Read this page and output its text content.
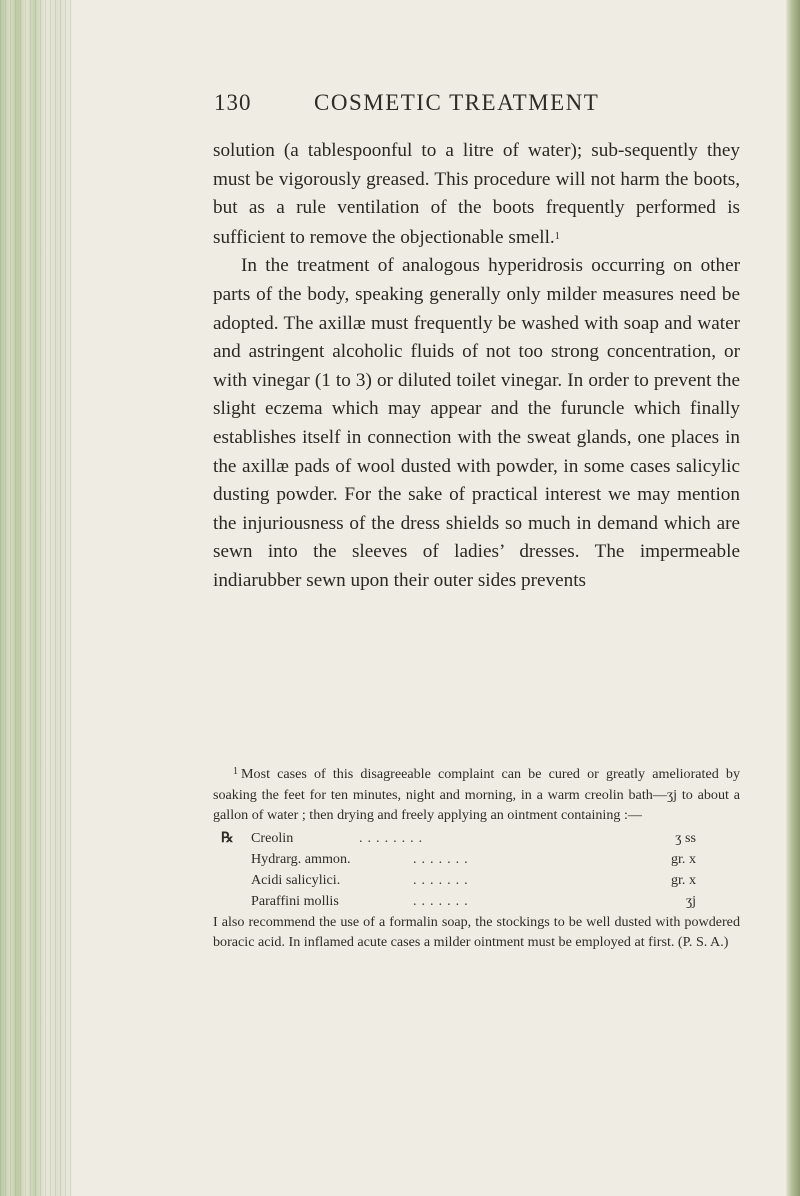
130	COSMETIC TREATMENT

solution (a tablespoonful to a litre of water); sub-sequently they must be vigorously greased. This procedure will not harm the boots, but as a rule ventilation of the boots frequently performed is sufficient to remove the objectionable smell.$^1$

In the treatment of analogous hyperidrosis occurring on other parts of the body, speaking generally only milder measures need be adopted. The axillæ must frequently be washed with soap and water and astringent alcoholic fluids of not too strong concentration, or with vinegar (1 to 3) or diluted toilet vinegar. In order to prevent the slight eczema which may appear and the furuncle which finally establishes itself in connection with the sweat glands, one places in the axillæ pads of wool dusted with powder, in some cases salicylic dusting powder. For the sake of practical interest we may mention the injuriousness of the dress shields so much in demand which are sewn into the sleeves of ladies’ dresses. The impermeable indiarubber sewn upon their outer sides prevents

$^1$ Most cases of this disagreeable complaint can be cured or greatly ameliorated by soaking the feet for ten minutes, night and morning, in a warm creolin bath—ʒj to about a gallon of water ; then drying and freely applying an ointment containing :—

℞ Creolin	........	ʒ ss
Hydrarg. ammon.	.......	gr. x
Acidi salicylici.	.......	gr. x
Paraffini mollis	.......	ʒj

I also recommend the use of a formalin soap, the stockings to be well dusted with powdered boracic acid. In inflamed acute cases a milder ointment must be employed at first. (P. S. A.)
